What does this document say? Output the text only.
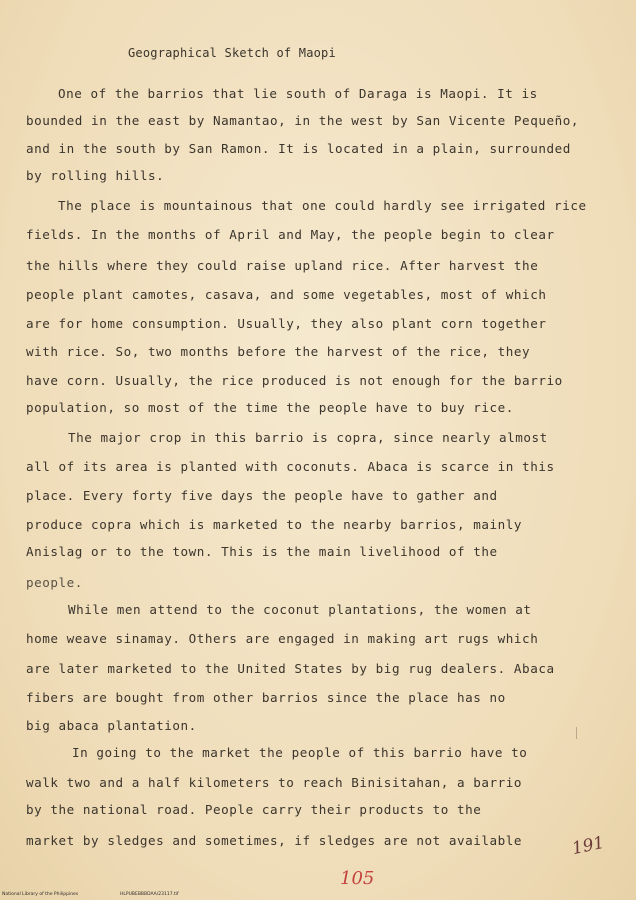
Geographical Sketch of Maopi
One of the barrios that lie south of Daraga is Maopi. It is
bounded in the east by Namantao, in the west by San Vicente Pequeño,
and in the south by San Ramon. It is located in a plain, surrounded
by rolling hills.
The place is mountainous that one could hardly see irrigated rice
fields. In the months of April and May, the people begin to clear
the hills where they could raise upland rice. After harvest the
people plant camotes, casava, and some vegetables, most of which
are for home consumption. Usually, they also plant corn together
with rice. So, two months before the harvest of the rice, they
have corn. Usually, the rice produced is not enough for the barrio
population, so most of the time the people have to buy rice.
The major crop in this barrio is copra, since nearly almost
all of its area is planted with coconuts. Abaca is scarce in this
place. Every forty five days the people have to gather and
produce copra which is marketed to the nearby barrios, mainly
Anislag or to the town. This is the main livelihood of the
people.
While men attend to the coconut plantations, the women at
home weave sinamay. Others are engaged in making art rugs which
are later marketed to the United States by big rug dealers. Abaca
fibers are bought from other barrios since the place has no
big abaca plantation.
In going to the market the people of this barrio have to
walk two and a half kilometers to reach Binisitahan, a barrio
by the national road. People carry their products to the
market by sledges and sometimes, if sledges are not available	191
105
National Library of the Philippines	HLPUBEBBBDAA/23117.tif
